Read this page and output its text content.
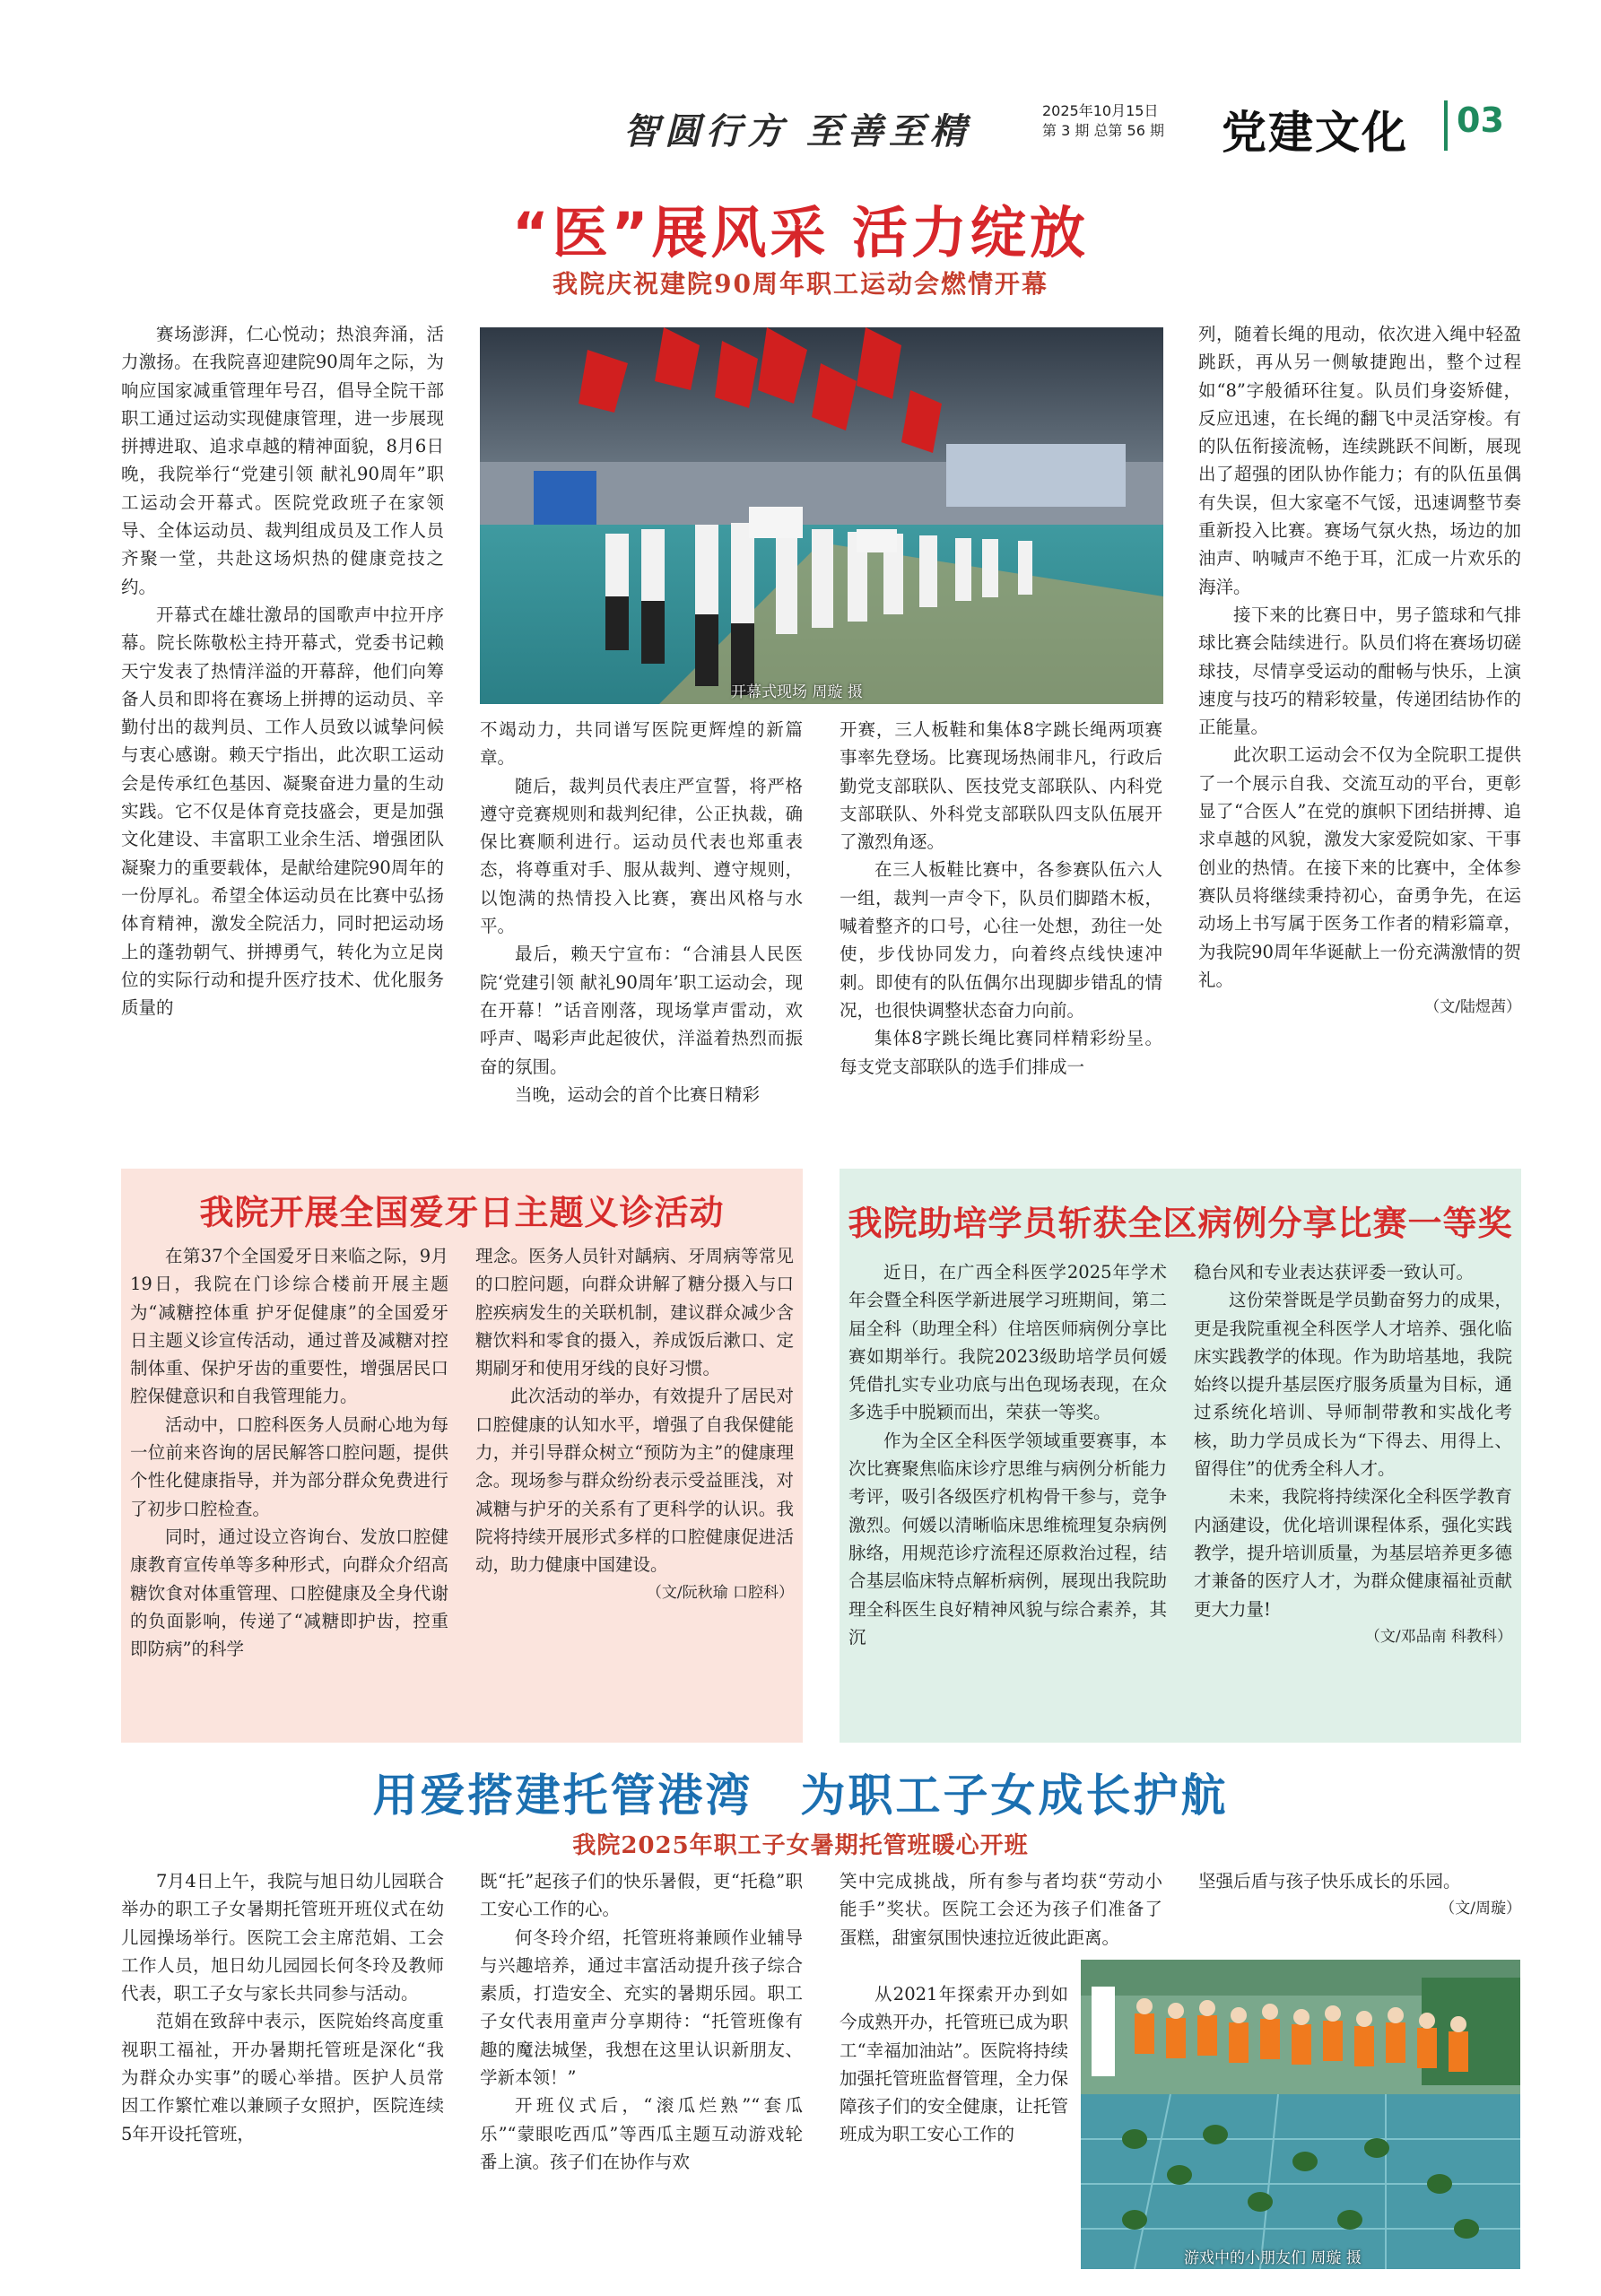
智圆行方 至善至精	2025年10月15日
第 3 期 总第 56 期 党建文化 03
“医”展风采 活力绽放
我院庆祝建院90周年职工运动会燃情开幕
开幕式现场 周璇 摄

赛场澎湃，仁心悦动；热浪奔涌，活力激扬。在我院喜迎建院90周年之际，为响应国家减重管理年号召，倡导全院干部职工通过运动实现健康管理，进一步展现拼搏进取、追求卓越的精神面貌，8月6日晚，我院举行“党建引领 献礼90周年”职工运动会开幕式。医院党政班子在家领导、全体运动员、裁判组成员及工作人员齐聚一堂，共赴这场炽热的健康竞技之约。

开幕式在雄壮激昂的国歌声中拉开序幕。院长陈敬松主持开幕式，党委书记赖天宁发表了热情洋溢的开幕辞，他们向筹备人员和即将在赛场上拼搏的运动员、辛勤付出的裁判员、工作人员致以诚挚问候与衷心感谢。赖天宁指出，此次职工运动会是传承红色基因、凝聚奋进力量的生动实践。它不仅是体育竞技盛会，更是加强文化建设、丰富职工业余生活、增强团队凝聚力的重要载体，是献给建院90周年的一份厚礼。希望全体运动员在比赛中弘扬体育精神，激发全院活力，同时把运动场上的蓬勃朝气、拼搏勇气，转化为立足岗位的实际行动和提升医疗技术、优化服务质量的

不竭动力，共同谱写医院更辉煌的新篇章。

随后，裁判员代表庄严宣誓，将严格遵守竞赛规则和裁判纪律，公正执裁，确保比赛顺利进行。运动员代表也郑重表态，将尊重对手、服从裁判、遵守规则，以饱满的热情投入比赛，赛出风格与水平。

最后，赖天宁宣布：“合浦县人民医院‘党建引领 献礼90周年’职工运动会，现在开幕！”话音刚落，现场掌声雷动，欢呼声、喝彩声此起彼伏，洋溢着热烈而振奋的氛围。

当晚，运动会的首个比赛日精彩

开赛，三人板鞋和集体8字跳长绳两项赛事率先登场。比赛现场热闹非凡，行政后勤党支部联队、医技党支部联队、内科党支部联队、外科党支部联队四支队伍展开了激烈角逐。

在三人板鞋比赛中，各参赛队伍六人一组，裁判一声令下，队员们脚踏木板，喊着整齐的口号，心往一处想，劲往一处使，步伐协同发力，向着终点线快速冲刺。即使有的队伍偶尔出现脚步错乱的情况，也很快调整状态奋力向前。

集体8字跳长绳比赛同样精彩纷呈。每支党支部联队的选手们排成一

列，随着长绳的甩动，依次进入绳中轻盈跳跃，再从另一侧敏捷跑出，整个过程如“8”字般循环往复。队员们身姿矫健，反应迅速，在长绳的翻飞中灵活穿梭。有的队伍衔接流畅，连续跳跃不间断，展现出了超强的团队协作能力；有的队伍虽偶有失误，但大家毫不气馁，迅速调整节奏重新投入比赛。赛场气氛火热，场边的加油声、呐喊声不绝于耳，汇成一片欢乐的海洋。

接下来的比赛日中，男子篮球和气排球比赛会陆续进行。队员们将在赛场切磋球技，尽情享受运动的酣畅与快乐，上演速度与技巧的精彩较量，传递团结协作的正能量。

此次职工运动会不仅为全院职工提供了一个展示自我、交流互动的平台，更彰显了“合医人”在党的旗帜下团结拼搏、追求卓越的风貌，激发大家爱院如家、干事创业的热情。在接下来的比赛中，全体参赛队员将继续秉持初心，奋勇争先，在运动场上书写属于医务工作者的精彩篇章，为我院90周年华诞献上一份充满激情的贺礼。

（文/陆煜茜）
我院开展全国爱牙日主题义诊活动

在第37个全国爱牙日来临之际，9月19日，我院在门诊综合楼前开展主题为“减糖控体重 护牙促健康”的全国爱牙日主题义诊宣传活动，通过普及减糖对控制体重、保护牙齿的重要性，增强居民口腔保健意识和自我管理能力。

活动中，口腔科医务人员耐心地为每一位前来咨询的居民解答口腔问题，提供个性化健康指导，并为部分群众免费进行了初步口腔检查。

同时，通过设立咨询台、发放口腔健康教育宣传单等多种形式，向群众介绍高糖饮食对体重管理、口腔健康及全身代谢的负面影响，传递了“减糖即护齿，控重即防病”的科学

理念。医务人员针对龋病、牙周病等常见的口腔问题，向群众讲解了糖分摄入与口腔疾病发生的关联机制，建议群众减少含糖饮料和零食的摄入，养成饭后漱口、定期刷牙和使用牙线的良好习惯。

此次活动的举办，有效提升了居民对口腔健康的认知水平，增强了自我保健能力，并引导群众树立“预防为主”的健康理念。现场参与群众纷纷表示受益匪浅，对减糖与护牙的关系有了更科学的认识。我院将持续开展形式多样的口腔健康促进活动，助力健康中国建设。

（文/阮秋瑜 口腔科）
我院助培学员斩获全区病例分享比赛一等奖

近日，在广西全科医学2025年学术年会暨全科医学新进展学习班期间，第二届全科（助理全科）住培医师病例分享比赛如期举行。我院2023级助培学员何媛凭借扎实专业功底与出色现场表现，在众多选手中脱颖而出，荣获一等奖。

作为全区全科医学领域重要赛事，本次比赛聚焦临床诊疗思维与病例分析能力考评，吸引各级医疗机构骨干参与，竞争激烈。何媛以清晰临床思维梳理复杂病例脉络，用规范诊疗流程还原救治过程，结合基层临床特点解析病例，展现出我院助理全科医生良好精神风貌与综合素养，其沉

稳台风和专业表达获评委一致认可。

这份荣誉既是学员勤奋努力的成果，更是我院重视全科医学人才培养、强化临床实践教学的体现。作为助培基地，我院始终以提升基层医疗服务质量为目标，通过系统化培训、导师制带教和实战化考核，助力学员成长为“下得去、用得上、留得住”的优秀全科人才。

未来，我院将持续深化全科医学教育内涵建设，优化培训课程体系，强化实践教学，提升培训质量，为基层培养更多德才兼备的医疗人才，为群众健康福祉贡献更大力量!

（文/邓品南 科教科）
用爱搭建托管港湾　为职工子女成长护航
我院2025年职工子女暑期托管班暖心开班

7月4日上午，我院与旭日幼儿园联合举办的职工子女暑期托管班开班仪式在幼儿园操场举行。医院工会主席范娟、工会工作人员，旭日幼儿园园长何冬玲及教师代表，职工子女与家长共同参与活动。

范娟在致辞中表示，医院始终高度重视职工福祉，开办暑期托管班是深化“我为群众办实事”的暖心举措。医护人员常因工作繁忙难以兼顾子女照护，医院连续5年开设托管班，

既“托”起孩子们的快乐暑假，更“托稳”职工安心工作的心。

何冬玲介绍，托管班将兼顾作业辅导与兴趣培养，通过丰富活动提升孩子综合素质，打造安全、充实的暑期乐园。职工子女代表用童声分享期待：“托管班像有趣的魔法城堡，我想在这里认识新朋友、学新本领！”

开班仪式后，“滚瓜烂熟”“套瓜乐”“蒙眼吃西瓜”等西瓜主题互动游戏轮番上演。孩子们在协作与欢

笑中完成挑战，所有参与者均获“劳动小能手”奖状。医院工会还为孩子们准备了蛋糕，甜蜜氛围快速拉近彼此距离。

从2021年探索开办到如今成熟开办，托管班已成为职工“幸福加油站”。医院将持续加强托管班监督管理，全力保障孩子们的安全健康，让托管班成为职工安心工作的

坚强后盾与孩子快乐成长的乐园。

（文/周璇）
游戏中的小朋友们 周璇 摄
